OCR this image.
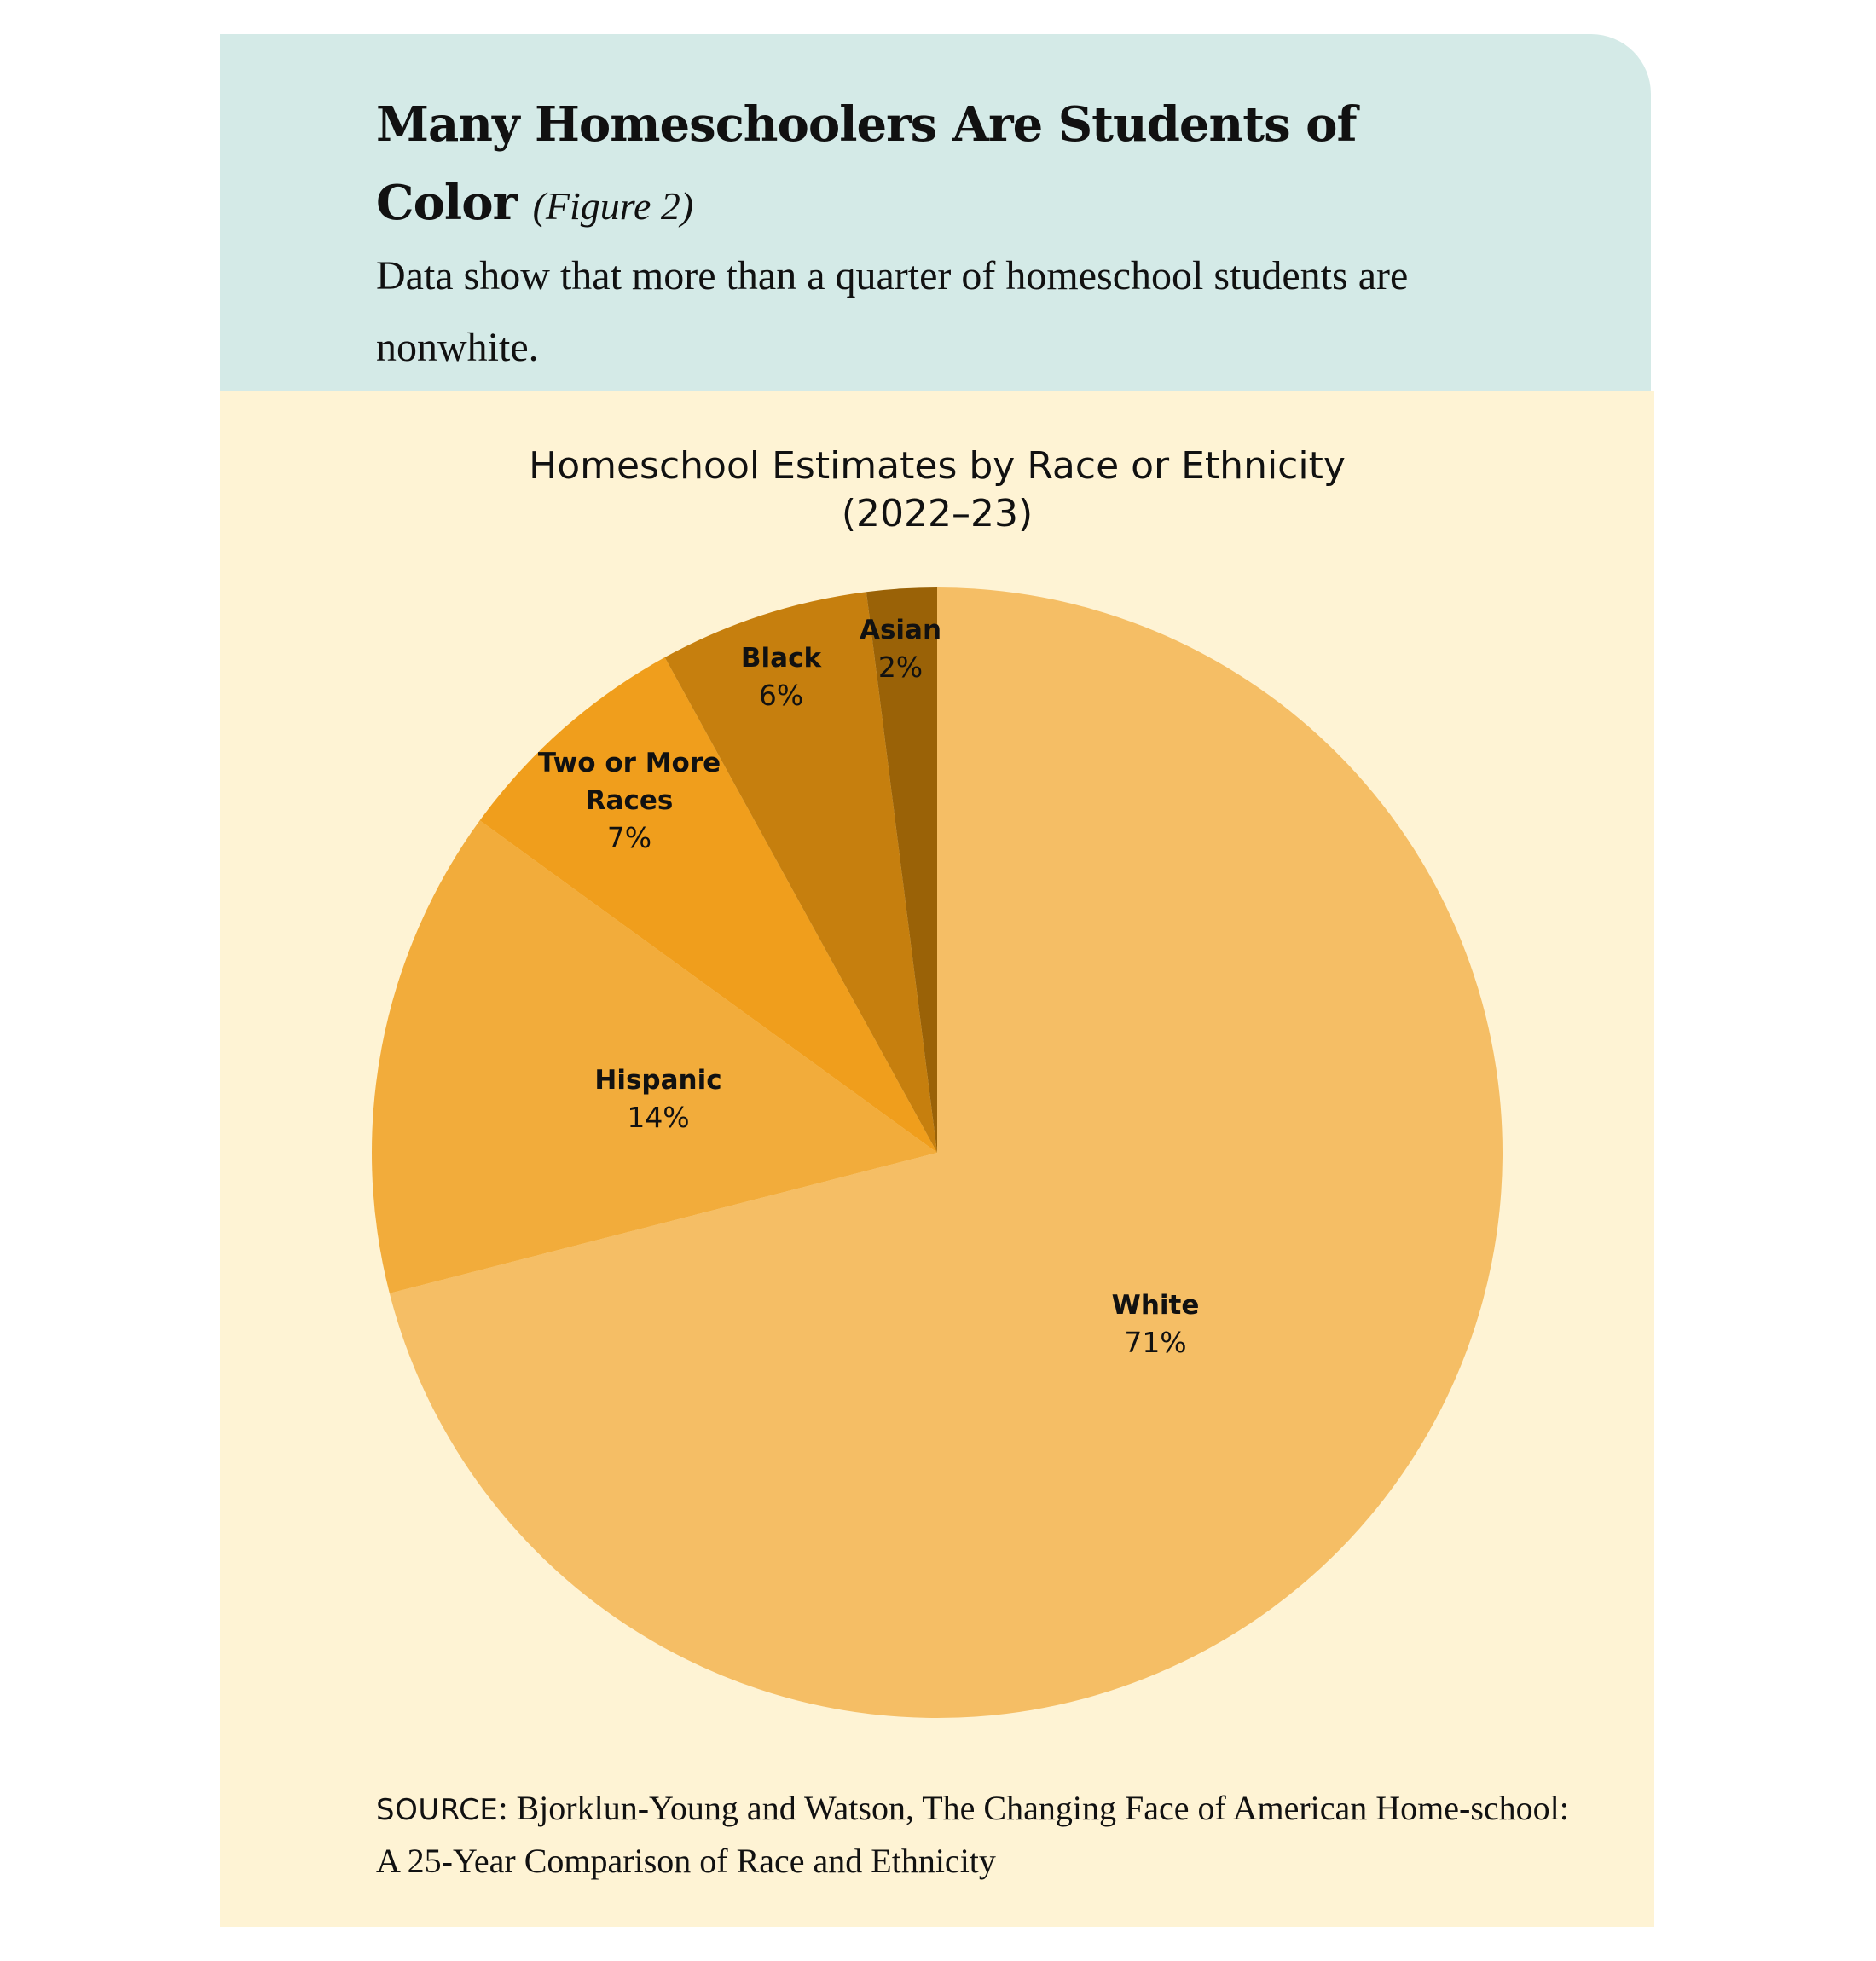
Many Homeschoolers Are Students of Color (Figure 2)

Data show that more than a quarter of homeschool students are nonwhite.

Homeschool Estimates by Race or Ethnicity
(2022–23)
White
71%
Hispanic
14%
Two or More
Races
7%
Black
6%
Asian
2%
SOURCE: Bjorklun-Young and Watson, The Changing Face of American Home-school: A 25-Year Comparison of Race and Ethnicity
